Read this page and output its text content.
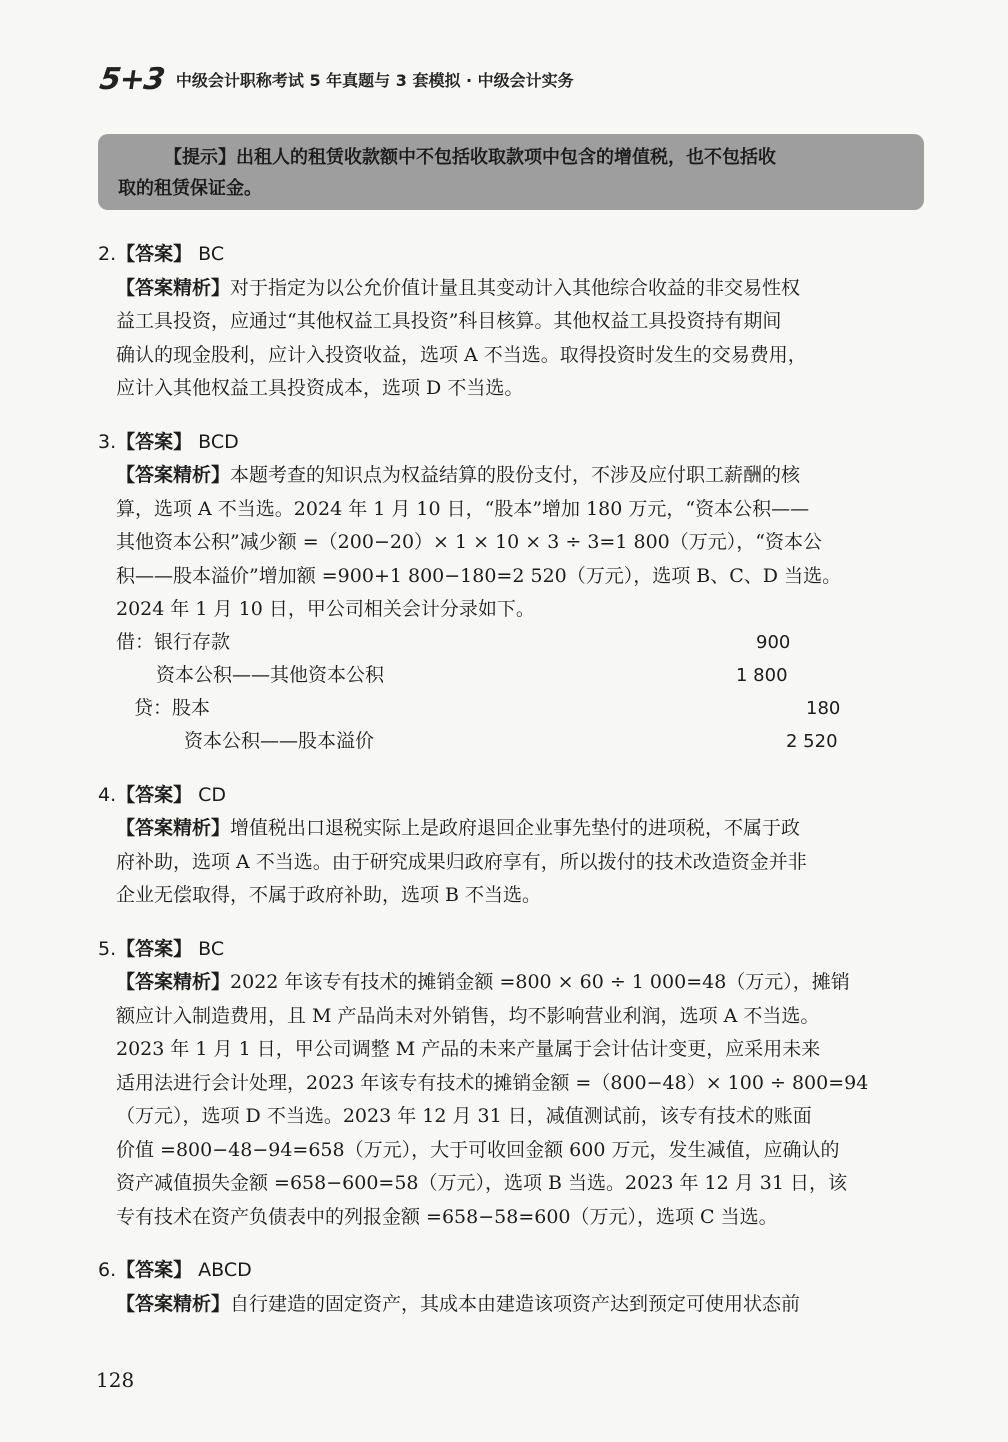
5+3 中级会计职称考试 5 年真题与 3 套模拟 · 中级会计实务
【提示】出租人的租赁收款额中不包括收取款项中包含的增值税，也不包括收
取的租赁保证金。
2. 【答案】 BC

【答案精析】对于指定为以公允价值计量且其变动计入其他综合收益的非交易性权

益工具投资，应通过“其他权益工具投资”科目核算。其他权益工具投资持有期间

确认的现金股利，应计入投资收益，选项 A 不当选。取得投资时发生的交易费用，

应计入其他权益工具投资成本，选项 D 不当选。

3. 【答案】 BCD

【答案精析】本题考查的知识点为权益结算的股份支付，不涉及应付职工薪酬的核

算，选项 A 不当选。2024 年 1 月 10 日，“股本”增加 180 万元，“资本公积——

其他资本公积”减少额 =（200−20）× 1 × 10 × 3 ÷ 3=1 800（万元），“资本公

积——股本溢价”增加额 =900+1 800−180=2 520（万元），选项 B、C、D 当选。

2024 年 1 月 10 日，甲公司相关会计分录如下。

借：银行存款	900
资本公积——其他资本公积	1 800
贷：股本	180
资本公积——股本溢价	2 520
4. 【答案】 CD

【答案精析】增值税出口退税实际上是政府退回企业事先垫付的进项税，不属于政

府补助，选项 A 不当选。由于研究成果归政府享有，所以拨付的技术改造资金并非

企业无偿取得，不属于政府补助，选项 B 不当选。

5. 【答案】 BC

【答案精析】2022 年该专有技术的摊销金额 =800 × 60 ÷ 1 000=48（万元），摊销

额应计入制造费用，且 M 产品尚未对外销售，均不影响营业利润，选项 A 不当选。

2023 年 1 月 1 日，甲公司调整 M 产品的未来产量属于会计估计变更，应采用未来

适用法进行会计处理，2023 年该专有技术的摊销金额 =（800−48）× 100 ÷ 800=94

（万元），选项 D 不当选。2023 年 12 月 31 日，减值测试前，该专有技术的账面

价值 =800−48−94=658（万元），大于可收回金额 600 万元，发生减值，应确认的

资产减值损失金额 =658−600=58（万元），选项 B 当选。2023 年 12 月 31 日，该

专有技术在资产负债表中的列报金额 =658−58=600（万元），选项 C 当选。

6. 【答案】 ABCD

【答案精析】自行建造的固定资产，其成本由建造该项资产达到预定可使用状态前

128
